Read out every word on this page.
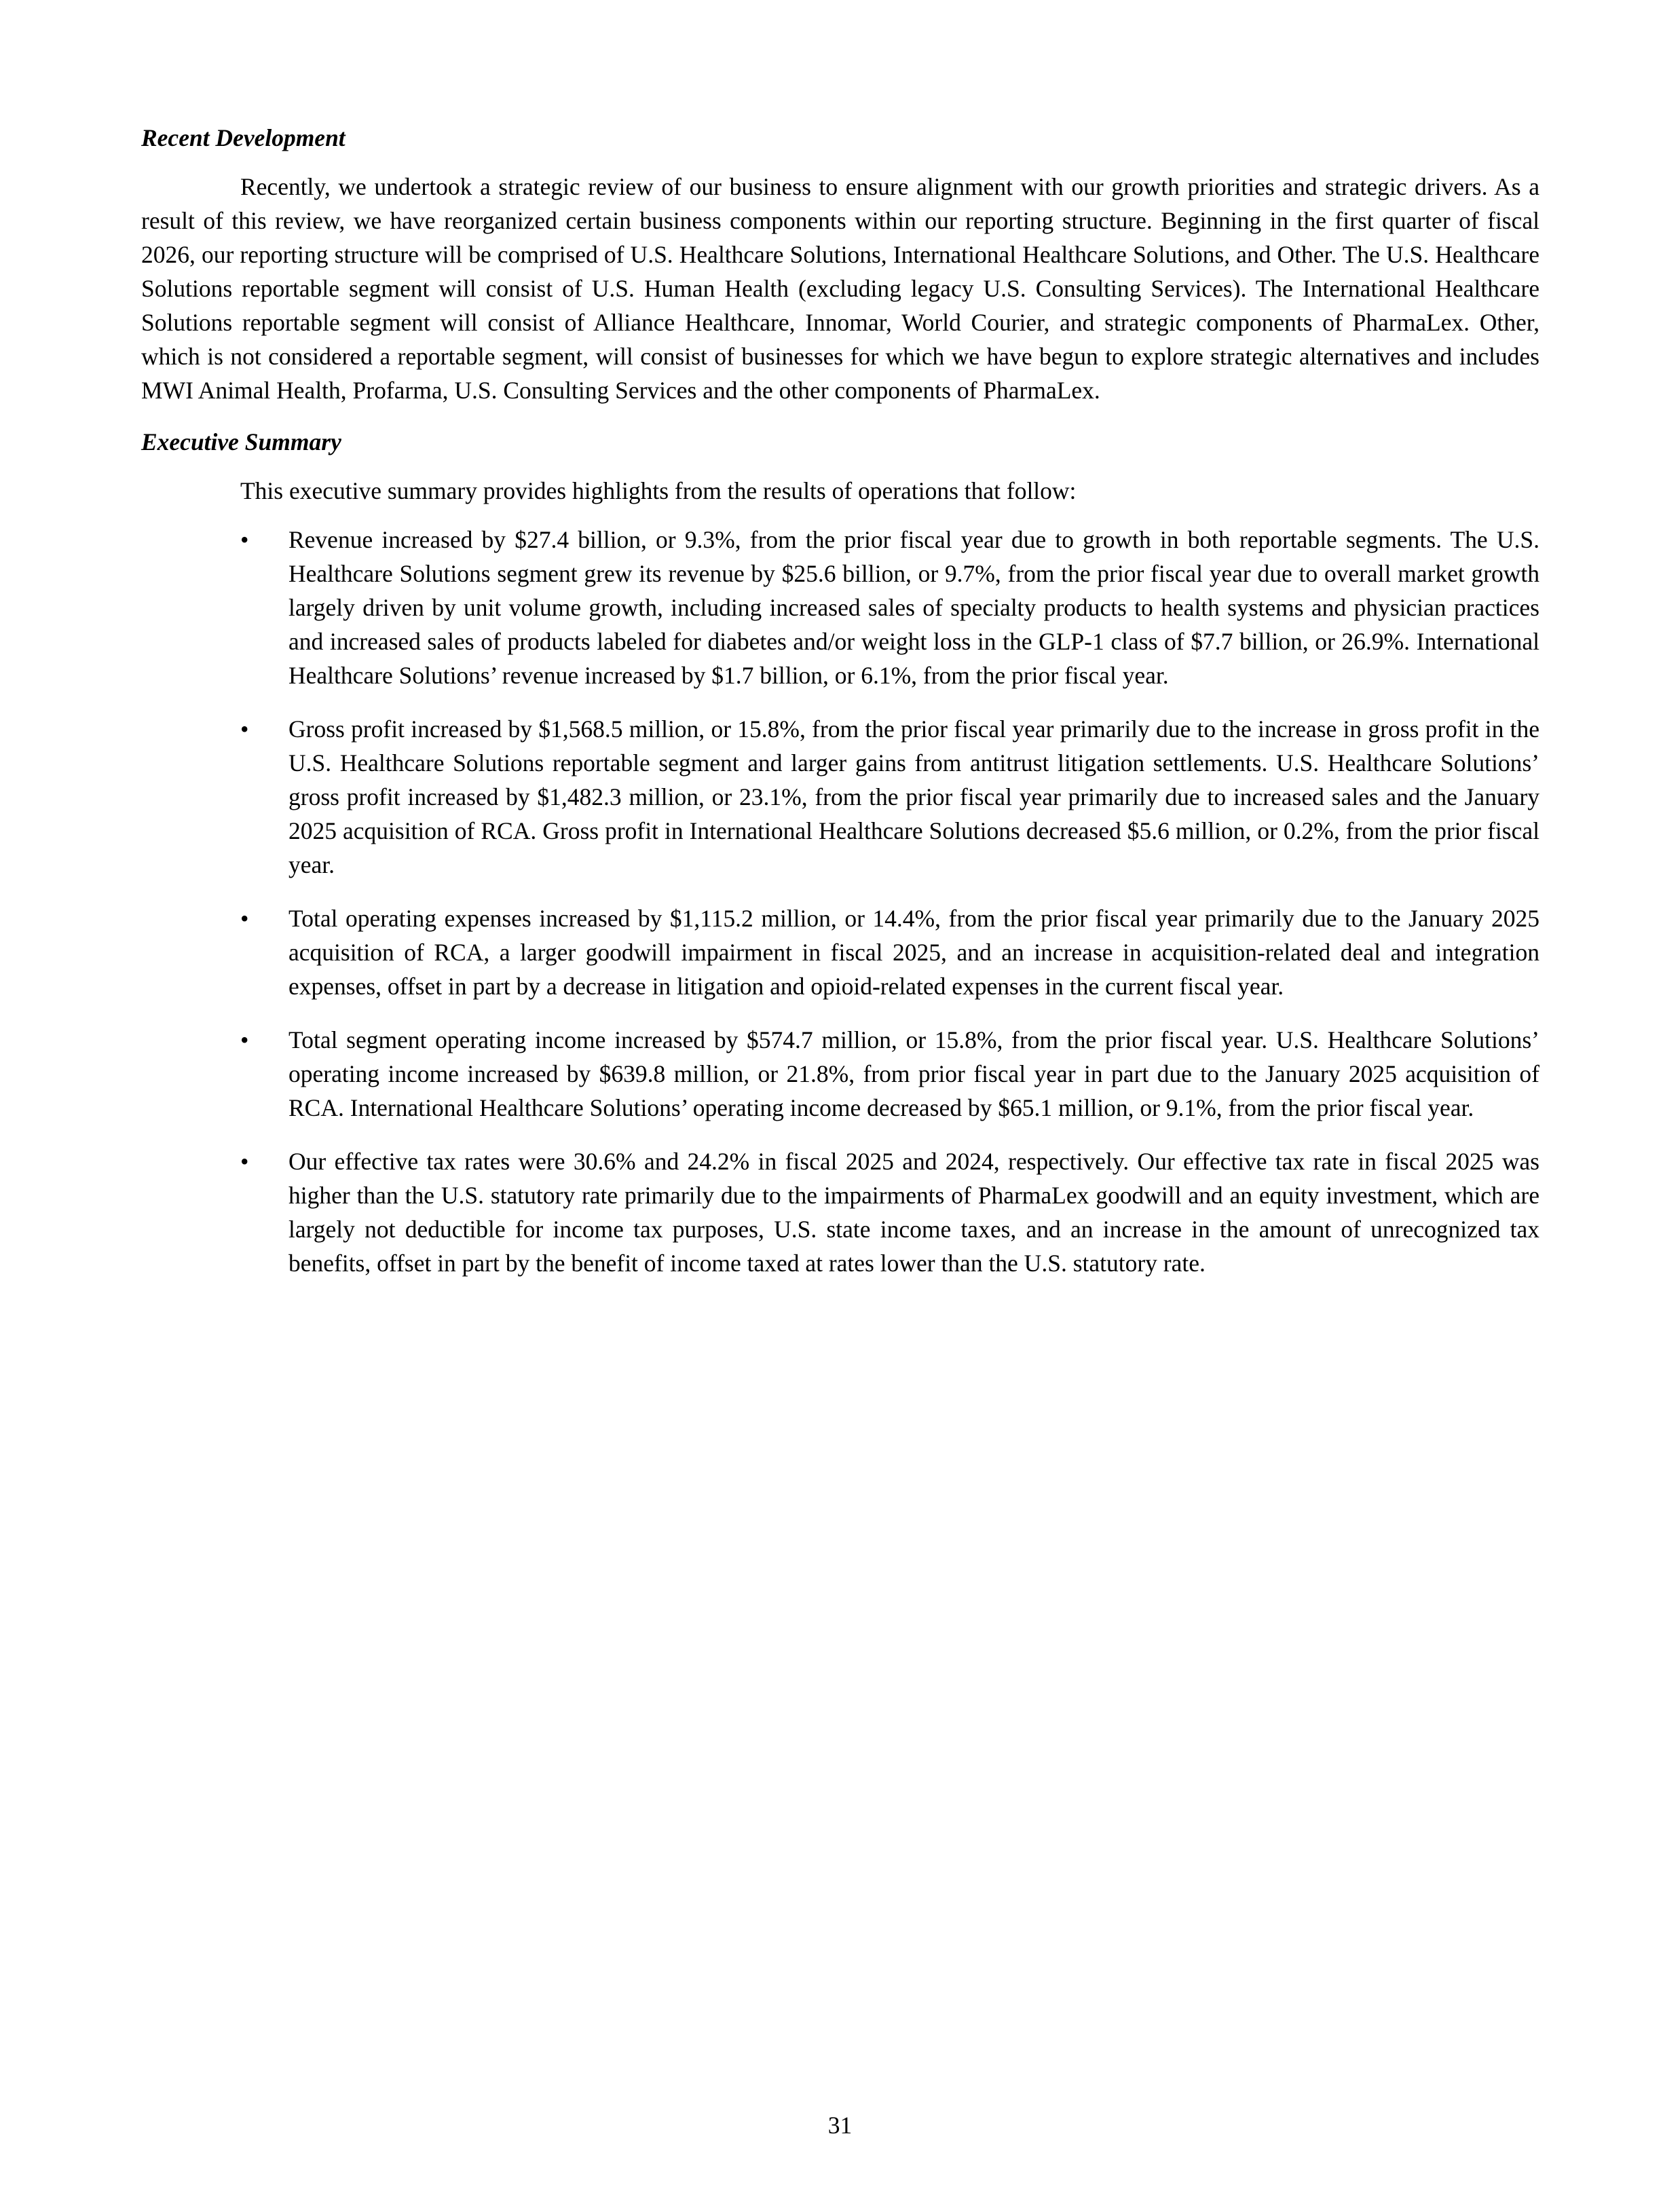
Recent Development

Recently, we undertook a strategic review of our business to ensure alignment with our growth priorities and strategic drivers. As a result of this review, we have reorganized certain business components within our reporting structure. Beginning in the first quarter of fiscal 2026, our reporting structure will be comprised of U.S. Healthcare Solutions, International Healthcare Solutions, and Other. The U.S. Healthcare Solutions reportable segment will consist of U.S. Human Health (excluding legacy U.S. Consulting Services). The International Healthcare Solutions reportable segment will consist of Alliance Healthcare, Innomar, World Courier, and strategic components of PharmaLex. Other, which is not considered a reportable segment, will consist of businesses for which we have begun to explore strategic alternatives and includes MWI Animal Health, Profarma, U.S. Consulting Services and the other components of PharmaLex.

Executive Summary

This executive summary provides highlights from the results of operations that follow:

• Revenue increased by $27.4 billion, or 9.3%, from the prior fiscal year due to growth in both reportable segments. The U.S. Healthcare Solutions segment grew its revenue by $25.6 billion, or 9.7%, from the prior fiscal year due to overall market growth largely driven by unit volume growth, including increased sales of specialty products to health systems and physician practices and increased sales of products labeled for diabetes and/or weight loss in the GLP-1 class of $7.7 billion, or 26.9%. International Healthcare Solutions’ revenue increased by $1.7 billion, or 6.1%, from the prior fiscal year.
• Gross profit increased by $1,568.5 million, or 15.8%, from the prior fiscal year primarily due to the increase in gross profit in the U.S. Healthcare Solutions reportable segment and larger gains from antitrust litigation settlements. U.S. Healthcare Solutions’ gross profit increased by $1,482.3 million, or 23.1%, from the prior fiscal year primarily due to increased sales and the January 2025 acquisition of RCA. Gross profit in International Healthcare Solutions decreased $5.6 million, or 0.2%, from the prior fiscal year.
• Total operating expenses increased by $1,115.2 million, or 14.4%, from the prior fiscal year primarily due to the January 2025 acquisition of RCA, a larger goodwill impairment in fiscal 2025, and an increase in acquisition-related deal and integration expenses, offset in part by a decrease in litigation and opioid-related expenses in the current fiscal year.
• Total segment operating income increased by $574.7 million, or 15.8%, from the prior fiscal year. U.S. Healthcare Solutions’ operating income increased by $639.8 million, or 21.8%, from prior fiscal year in part due to the January 2025 acquisition of RCA. International Healthcare Solutions’ operating income decreased by $65.1 million, or 9.1%, from the prior fiscal year.
• Our effective tax rates were 30.6% and 24.2% in fiscal 2025 and 2024, respectively. Our effective tax rate in fiscal 2025 was higher than the U.S. statutory rate primarily due to the impairments of PharmaLex goodwill and an equity investment, which are largely not deductible for income tax purposes, U.S. state income taxes, and an increase in the amount of unrecognized tax benefits, offset in part by the benefit of income taxed at rates lower than the U.S. statutory rate.
31
